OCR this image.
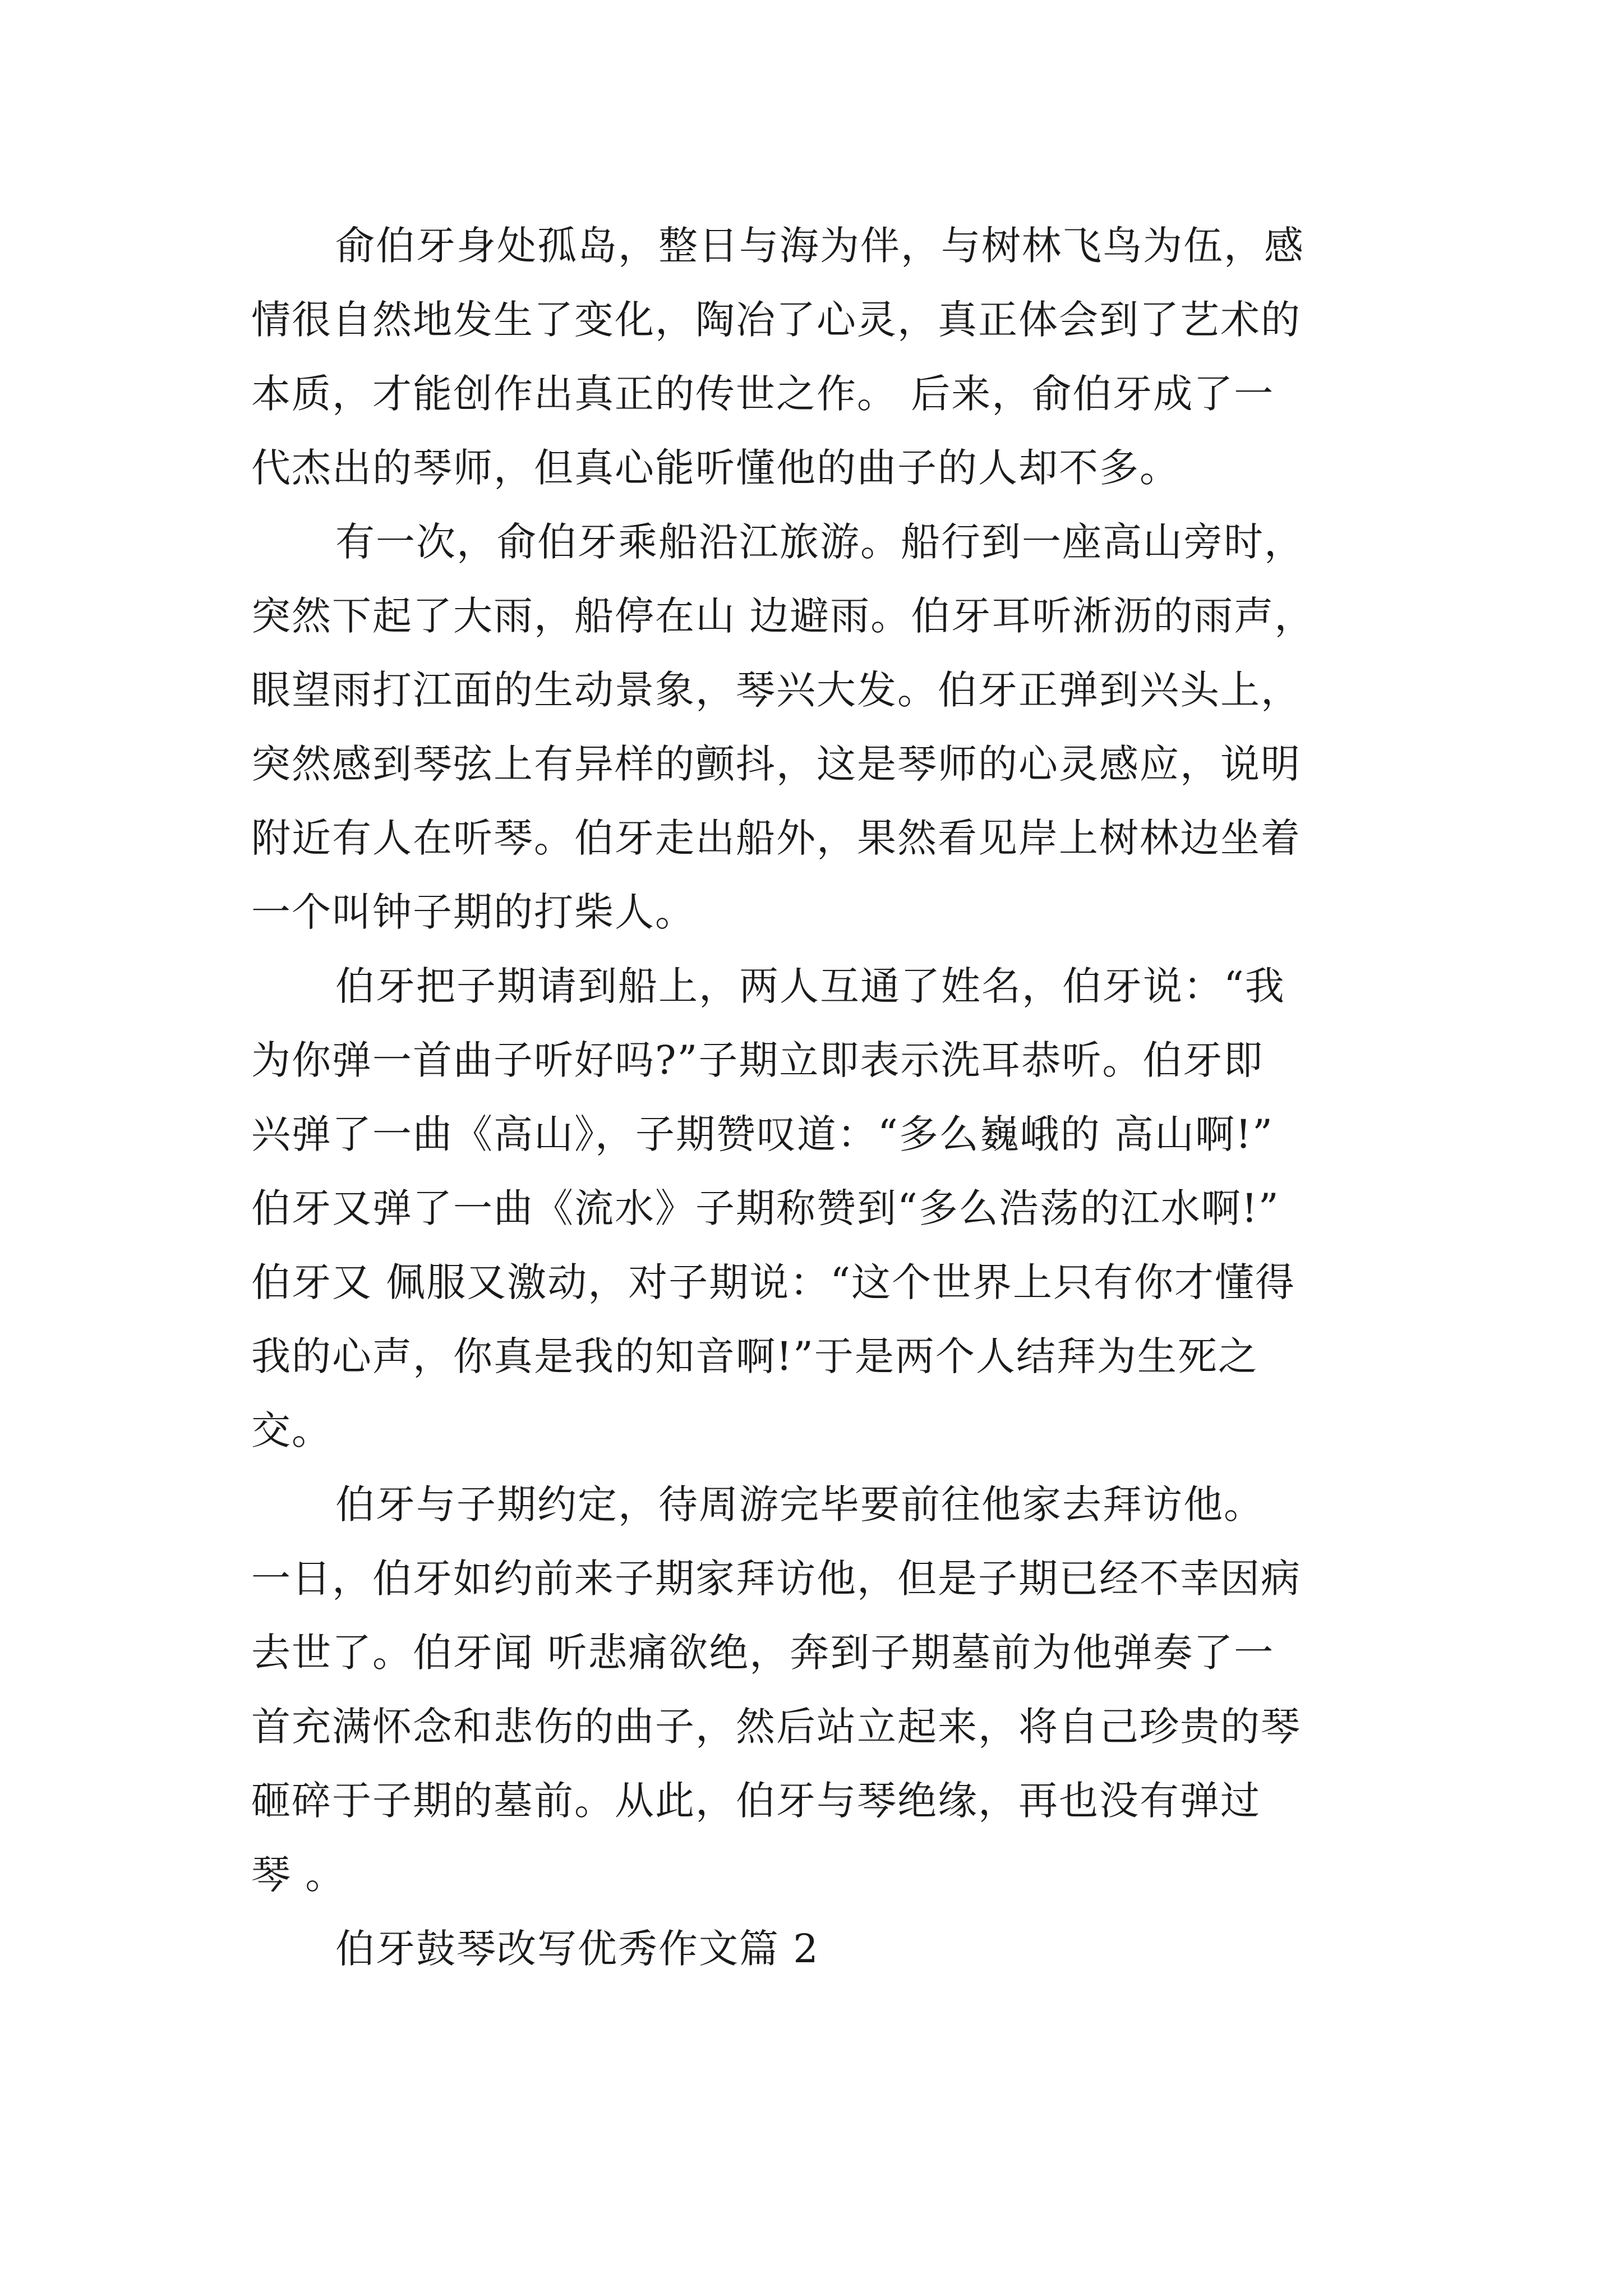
俞伯牙身处孤岛，整日与海为伴，与树林飞鸟为伍，感
情很自然地发生了变化，陶冶了心灵，真正体会到了艺术的
本质，才能创作出真正的传世之作。 后来，俞伯牙成了一
代杰出的琴师，但真心能听懂他的曲子的人却不多。

有一次，俞伯牙乘船沿江旅游。船行到一座高山旁时，
突然下起了大雨，船停在山 边避雨。伯牙耳听淅沥的雨声，
眼望雨打江面的生动景象，琴兴大发。伯牙正弹到兴头上，
突然感到琴弦上有异样的颤抖，这是琴师的心灵感应，说明
附近有人在听琴。伯牙走出船外，果然看见岸上树林边坐着
一个叫钟子期的打柴人。

伯牙把子期请到船上，两人互通了姓名，伯牙说：“我
为你弹一首曲子听好吗?”子期立即表示洗耳恭听。伯牙即
兴弹了一曲《高山》，子期赞叹道：“多么巍峨的 高山啊!”
伯牙又弹了一曲《流水》子期称赞到“多么浩荡的江水啊!”
伯牙又 佩服又激动，对子期说：“这个世界上只有你才懂得
我的心声，你真是我的知音啊!”于是两个人结拜为生死之
交。

伯牙与子期约定，待周游完毕要前往他家去拜访他。
一日，伯牙如约前来子期家拜访他，但是子期已经不幸因病
去世了。伯牙闻 听悲痛欲绝，奔到子期墓前为他弹奏了一
首充满怀念和悲伤的曲子，然后站立起来，将自己珍贵的琴
砸碎于子期的墓前。从此，伯牙与琴绝缘，再也没有弹过
琴 。

伯牙鼓琴改写优秀作文篇 2
